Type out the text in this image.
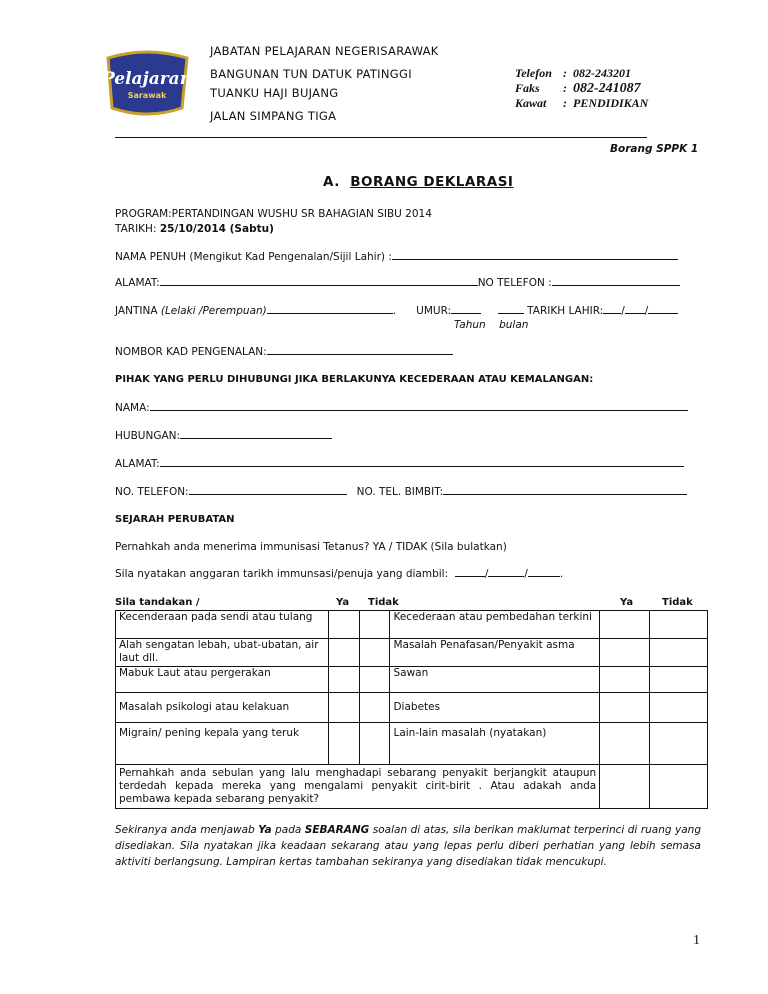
Pelajaran
Sarawak
JABATAN PELAJARAN NEGERISARAWAK
BANGUNAN TUN DATUK PATINGGI
TUANKU HAJI BUJANG
JALAN SIMPANG TIGA
Telefon :  082-243201
Faks :  082-241087
Kawat :  PENDIDIKAN
Borang SPPK 1
A. BORANG DEKLARASI
PROGRAM:PERTANDINGAN WUSHU SR BAHAGIAN SIBU 2014
TARIKH: 25/10/2014 (Sabtu)
NAMA PENUH (Mengikut Kad Pengenalan/Sijil Lahir) :
ALAMAT:	NO TELEFON :
JANTINA (Lelaki /Perempuan)	.      UMUR:	TARIKH LAHIR: / /
Tahun bulan
NOMBOR KAD PENGENALAN:
PIHAK YANG PERLU DIHUBUNGI JIKA BERLAKUNYA KECEDERAAN ATAU KEMALANGAN:
NAMA:
HUBUNGAN:
ALAMAT:
NO. TELEFON:	NO. TEL. BIMBIT:
SEJARAH PERUBATAN
Pernahkah anda menerima immunisasi Tetanus? YA / TIDAK (Sila bulatkan)
Sila nyatakan anggaran tarikh immunsasi/penuja yang diambil:	/	/	.
Sila tandakan /	Ya Tidak	Ya	Tidak
Kecenderaan pada sendi atau tulang			Kecederaan atau pembedahan terkini		
Alah sengatan lebah, ubat-ubatan, air laut dll.			Masalah Penafasan/Penyakit asma		
Mabuk Laut atau pergerakan			Sawan		
Masalah psikologi atau kelakuan			Diabetes		
Migrain/ pening kepala yang teruk			Lain-lain masalah (nyatakan)		
Pernahkah anda sebulan yang lalu menghadapi sebarang penyakit berjangkit ataupun terdedah kepada mereka yang mengalami penyakit cirit-birit . Atau adakah anda pembawa kepada sebarang penyakit?					
Sekiranya anda menjawab Ya pada SEBARANG soalan di atas, sila berikan maklumat terperinci di ruang yang disediakan. Sila nyatakan jika keadaan sekarang atau yang lepas perlu diberi perhatian yang lebih semasa aktiviti berlangsung. Lampiran kertas tambahan sekiranya yang disediakan tidak mencukupi.
1
